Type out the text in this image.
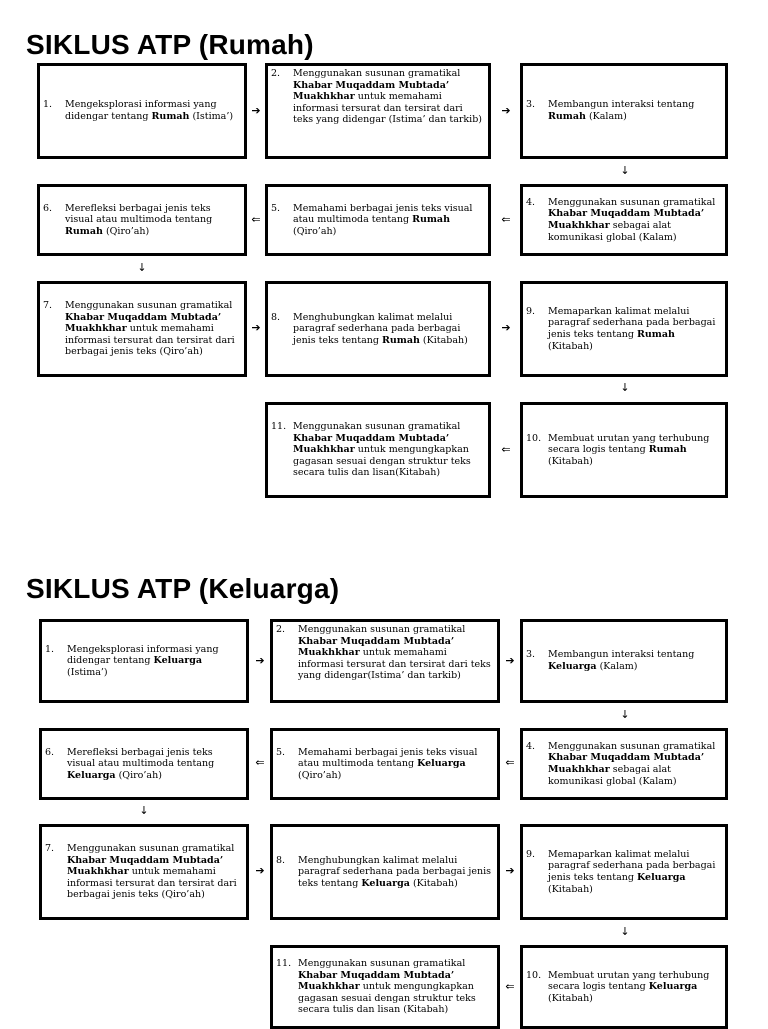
SIKLUS ATP (Rumah)
1.	Mengeksplorasi informasi yang didengar tentang Rumah (Istima’)
2.	Menggunakan susunan gramatikal Khabar Muqaddam Mubtada’ Muakhkhar untuk memahami informasi tersurat dan tersirat dari teks yang didengar (Istima’ dan tarkib)
3.	Membangun interaksi tentang Rumah (Kalam)
6.	Merefleksi berbagai jenis teks visual atau multimoda tentang Rumah (Qiro’ah)
5.	Memahami berbagai jenis teks visual atau multimoda tentang Rumah (Qiro’ah)
4.	Menggunakan susunan gramatikal Khabar Muqaddam Mubtada’ Muakhkhar sebagai alat komunikasi global (Kalam)
7.	Menggunakan susunan gramatikal Khabar Muqaddam Mubtada’ Muakhkhar untuk memahami informasi tersurat dan tersirat dari berbagai jenis teks (Qiro’ah)
8.	Menghubungkan kalimat melalui paragraf sederhana pada berbagai jenis teks tentang Rumah (Kitabah)
9.	Memaparkan kalimat melalui paragraf sederhana pada berbagai jenis teks tentang Rumah (Kitabah)
11. Menggunakan susunan gramatikal Khabar Muqaddam Mubtada’ Muakhkhar untuk mengungkapkan gagasan sesuai dengan struktur teks secara tulis dan lisan(Kitabah)
10. Membuat urutan yang terhubung secara logis tentang Rumah (Kitabah)
➔	➔
↓
⇐
⇐
↓
➔	➔
↓
⇐
SIKLUS ATP (Keluarga)
1.	Mengeksplorasi informasi yang didengar tentang Keluarga (Istima’)
2.	Menggunakan susunan gramatikal Khabar Muqaddam Mubtada’ Muakhkhar untuk memahami informasi tersurat dan tersirat dari teks yang didengar(Istima’ dan tarkib)
3.	Membangun interaksi tentang Keluarga (Kalam)
6.	Merefleksi berbagai jenis teks visual atau multimoda tentang Keluarga (Qiro’ah)
5.	Memahami berbagai jenis teks visual atau multimoda tentang Keluarga (Qiro’ah)
4.	Menggunakan susunan gramatikal Khabar Muqaddam Mubtada’ Muakhkhar sebagai alat komunikasi global (Kalam)
7.	Menggunakan susunan gramatikal Khabar Muqaddam Mubtada’ Muakhkhar untuk memahami informasi tersurat dan tersirat dari berbagai jenis teks (Qiro’ah)
8.	Menghubungkan kalimat melalui paragraf sederhana pada berbagai jenis teks tentang Keluarga (Kitabah)
9.	Memaparkan kalimat melalui paragraf sederhana pada berbagai jenis teks tentang Keluarga (Kitabah)
11. Menggunakan susunan gramatikal Khabar Muqaddam Mubtada’ Muakhkhar untuk mengungkapkan gagasan sesuai dengan struktur teks secara tulis dan lisan (Kitabah)
10. Membuat urutan yang terhubung secara logis tentang Keluarga (Kitabah)
➔	➔
↓
⇐
⇐
↓
➔	➔
↓
⇐
